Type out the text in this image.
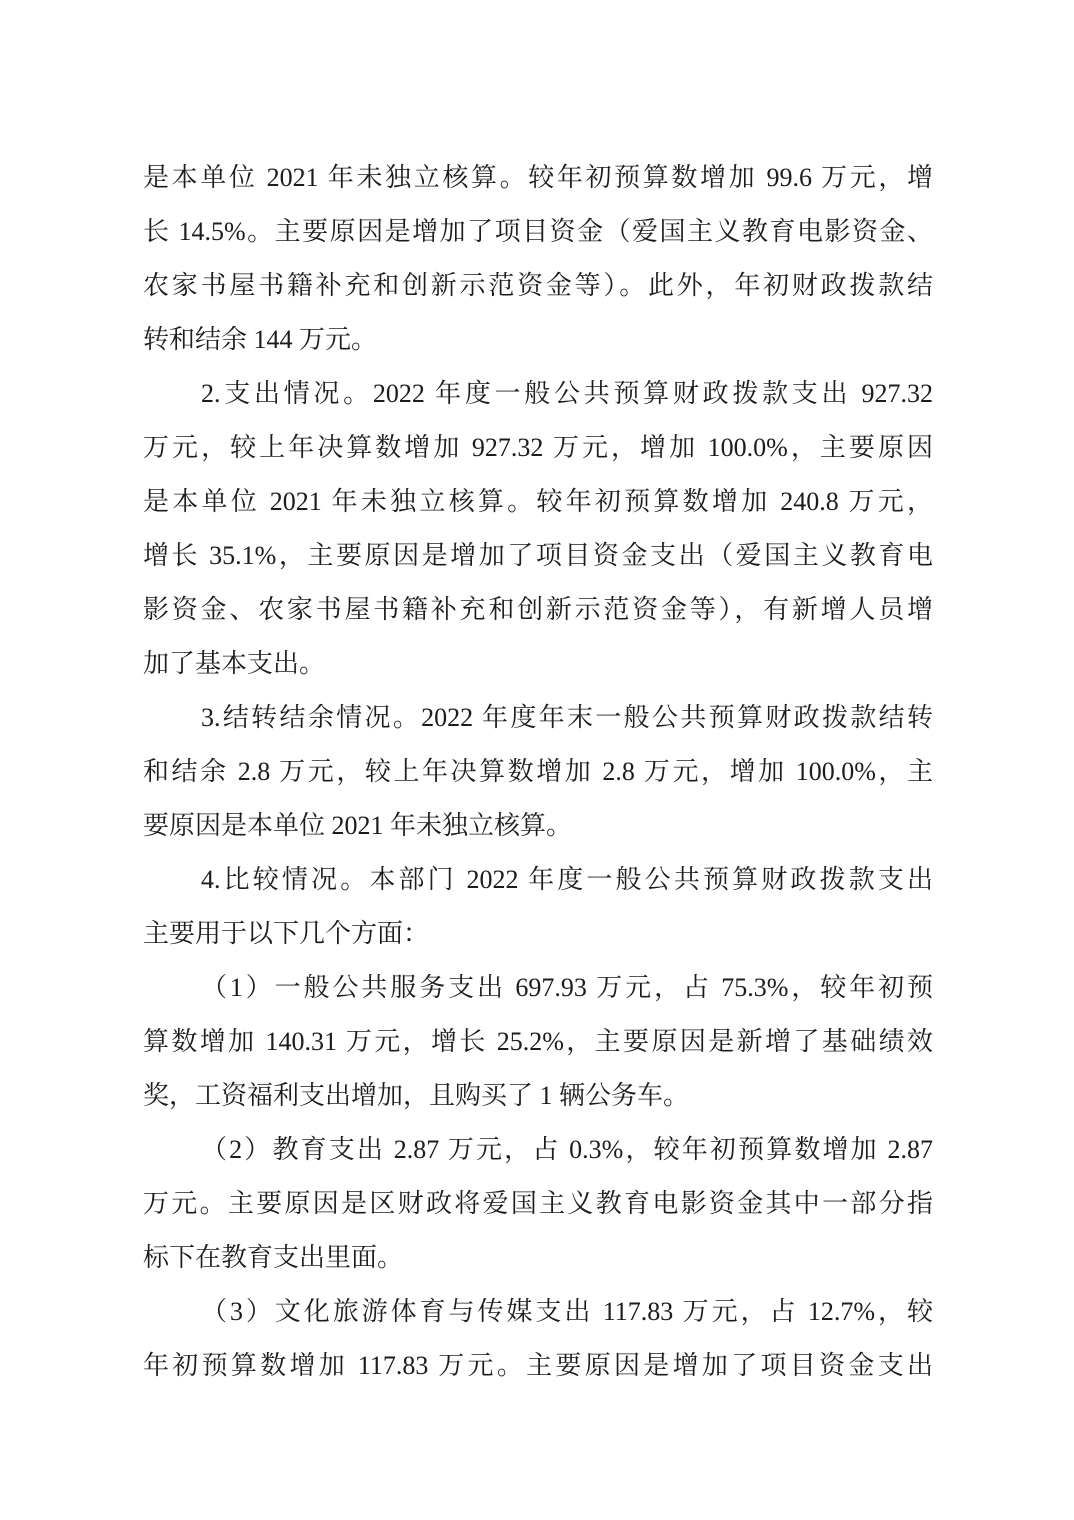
是本单位 2021 年未独立核算。较年初预算数增加 99.6 万元，增
长 14.5%。主要原因是增加了项目资金（爱国主义教育电影资金、
农家书屋书籍补充和创新示范资金等）。此外，年初财政拨款结
转和结余 144 万元。
2.支出情况。2022 年度一般公共预算财政拨款支出 927.32
万元，较上年决算数增加 927.32 万元，增加 100.0%，主要原因
是本单位 2021 年未独立核算。较年初预算数增加 240.8 万元，
增长 35.1%，主要原因是增加了项目资金支出（爱国主义教育电
影资金、农家书屋书籍补充和创新示范资金等），有新增人员增
加了基本支出。
3.结转结余情况。2022 年度年末一般公共预算财政拨款结转
和结余 2.8 万元，较上年决算数增加 2.8 万元，增加 100.0%，主
要原因是本单位 2021 年未独立核算。
4.比较情况。本部门 2022 年度一般公共预算财政拨款支出
主要用于以下几个方面：
（1）一般公共服务支出 697.93 万元，占 75.3%，较年初预
算数增加 140.31 万元，增长 25.2%，主要原因是新增了基础绩效
奖，工资福利支出增加，且购买了 1 辆公务车。
（2）教育支出 2.87 万元，占 0.3%，较年初预算数增加 2.87
万元。主要原因是区财政将爱国主义教育电影资金其中一部分指
标下在教育支出里面。
（3）文化旅游体育与传媒支出 117.83 万元，占 12.7%，较
年初预算数增加 117.83 万元。主要原因是增加了项目资金支出
